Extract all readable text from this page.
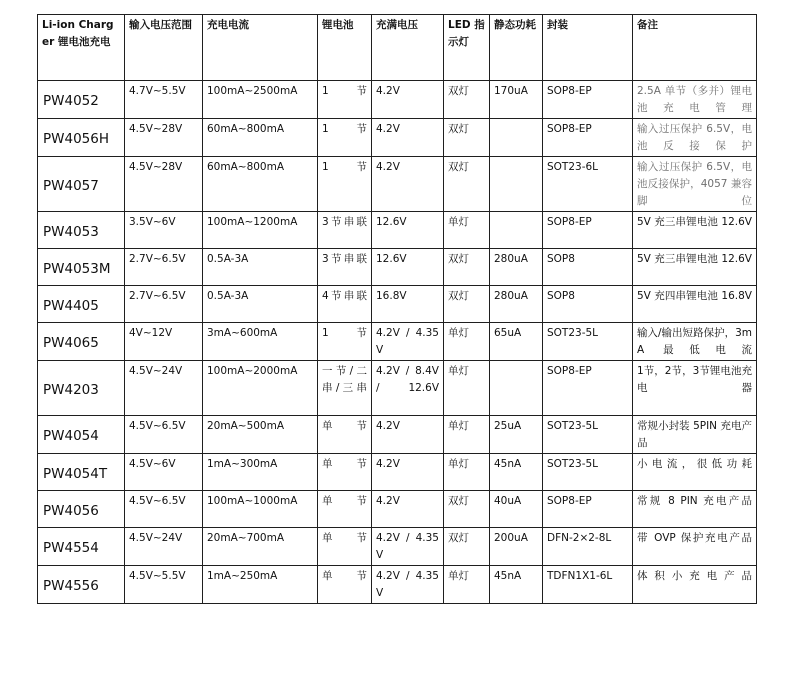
Li-ion Charger 锂电池充电	输入电压范围	充电电流	锂电池	充满电压	LED 指示灯	静态功耗	封装	备注
PW4052	4.7V~5.5V	100mA~2500mA	1节	4.2V	双灯	170uA	SOP8-EP	2.5A 单节（多并）锂电池充电管理
PW4056H	4.5V~28V	60mA~800mA	1节	4.2V	双灯		SOP8-EP	输入过压保护 6.5V，电池反接保护
PW4057	4.5V~28V	60mA~800mA	1节	4.2V	双灯		SOT23-6L	输入过压保护 6.5V，电池反接保护，4057 兼容脚位
PW4053	3.5V~6V	100mA~1200mA	3节串联	12.6V	单灯		SOP8-EP	5V 充三串锂电池 12.6V
PW4053M	2.7V~6.5V	0.5A-3A	3节串联	12.6V	双灯	280uA	SOP8	5V 充三串锂电池 12.6V
PW4405	2.7V~6.5V	0.5A-3A	4节串联	16.8V	双灯	280uA	SOP8	5V 充四串锂电池 16.8V
PW4065	4V~12V	3mA~600mA	1节	4.2V / 4.35V	单灯	65uA	SOT23-5L	输入/输出短路保护，3mA 最低电流
PW4203	4.5V~24V	100mA~2000mA	一节/二串/三串	4.2V / 8.4V / 12.6V	单灯		SOP8-EP	1节，2节，3节锂电池充电器
PW4054	4.5V~6.5V	20mA~500mA	单节	4.2V	单灯	25uA	SOT23-5L	常规小封装 5PIN 充电产品
PW4054T	4.5V~6V	1mA~300mA	单节	4.2V	单灯	45nA	SOT23-5L	小电流，很低功耗
PW4056	4.5V~6.5V	100mA~1000mA	单节	4.2V	双灯	40uA	SOP8-EP	常规 8 PIN 充电产品
PW4554	4.5V~24V	20mA~700mA	单节	4.2V / 4.35V	双灯	200uA	DFN-2×2-8L	带 OVP 保护充电产品
PW4556	4.5V~5.5V	1mA~250mA	单节	4.2V / 4.35V	单灯	45nA	TDFN1X1-6L	体积小充电产品
